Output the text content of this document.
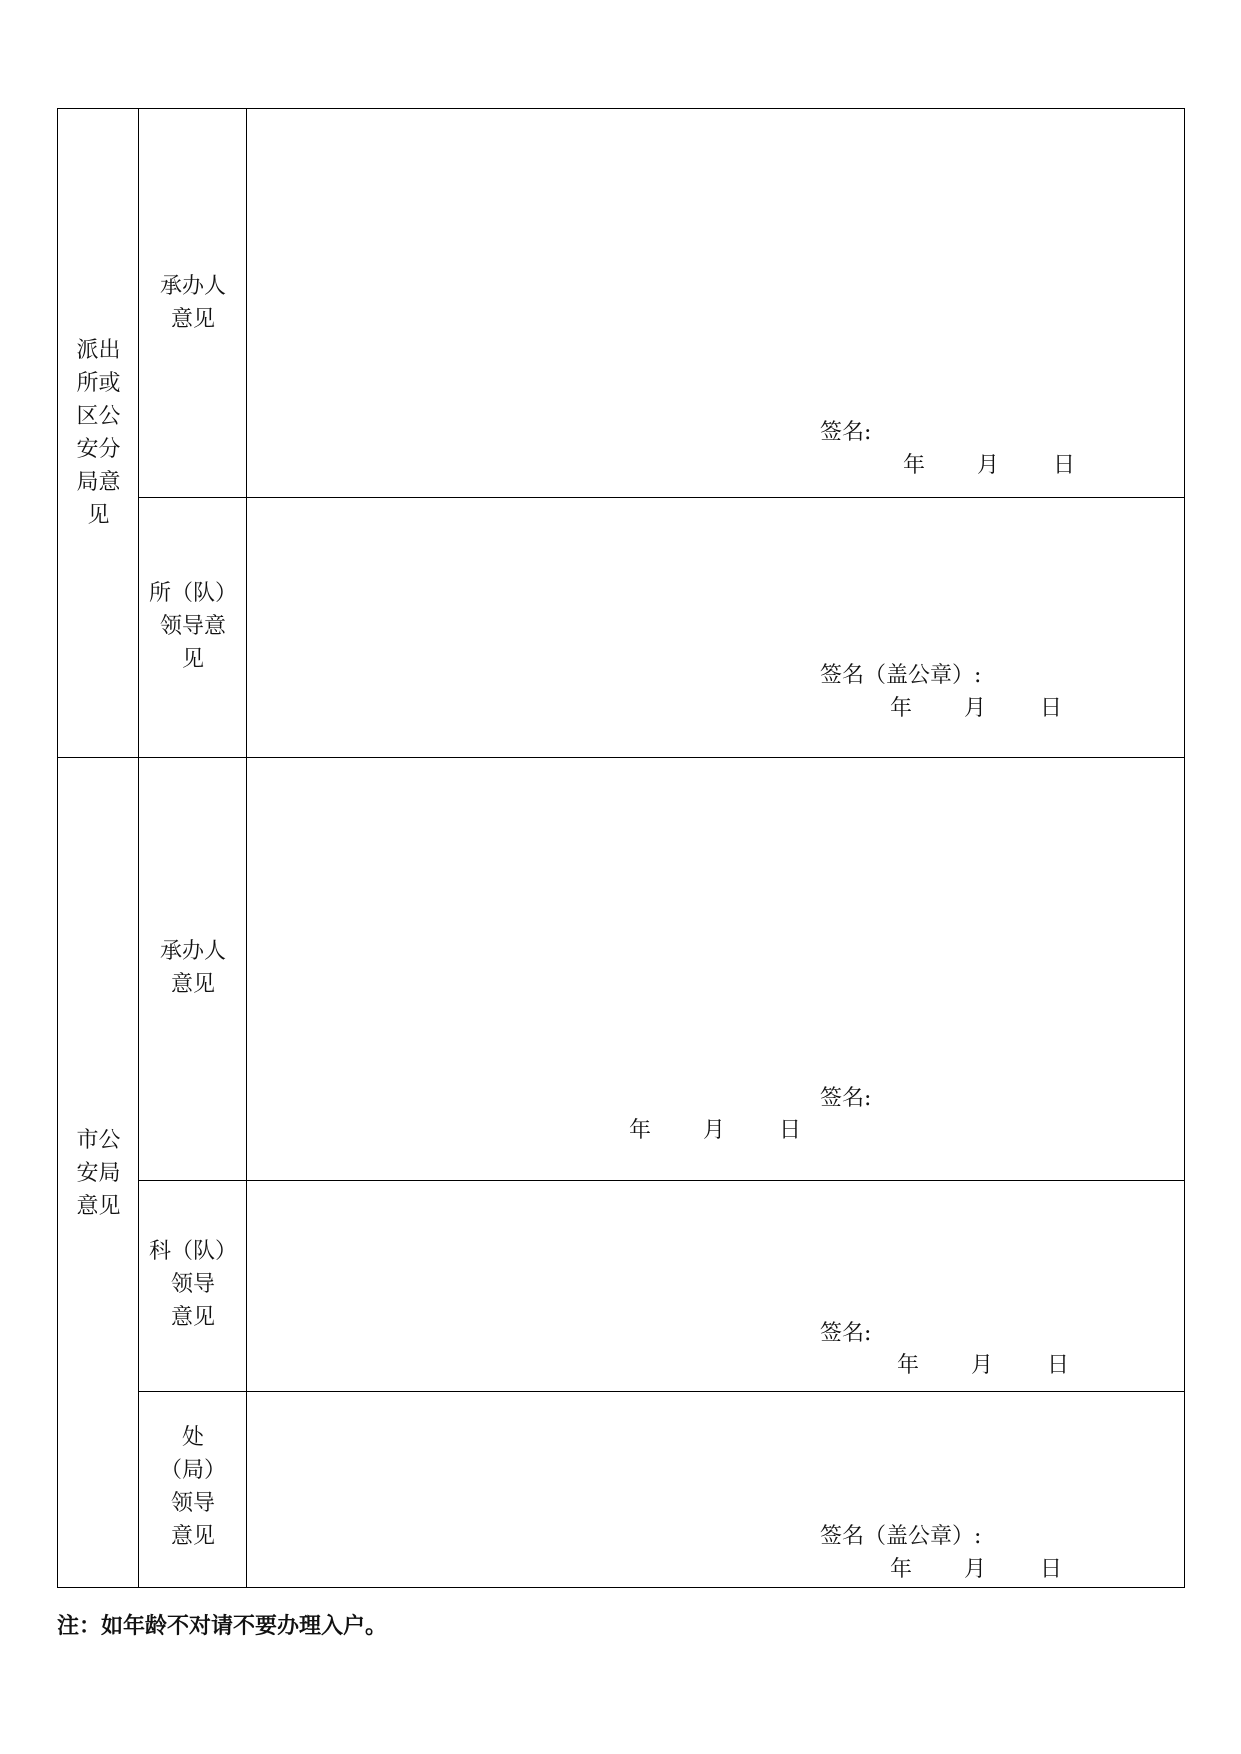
派出
所或
区公
安分
局意
见
市公
安局
意见
承办人
意见
所（队）
领导意
见
承办人
意见
科（队）
领导
意见
处
（局）
领导
意见
签名:
年 月 日
签名（盖公章）:
年 月 日
签名:
年 月 日
签名:
年 月 日
签名（盖公章）:
年 月 日
注：如年龄不对请不要办理入户。
